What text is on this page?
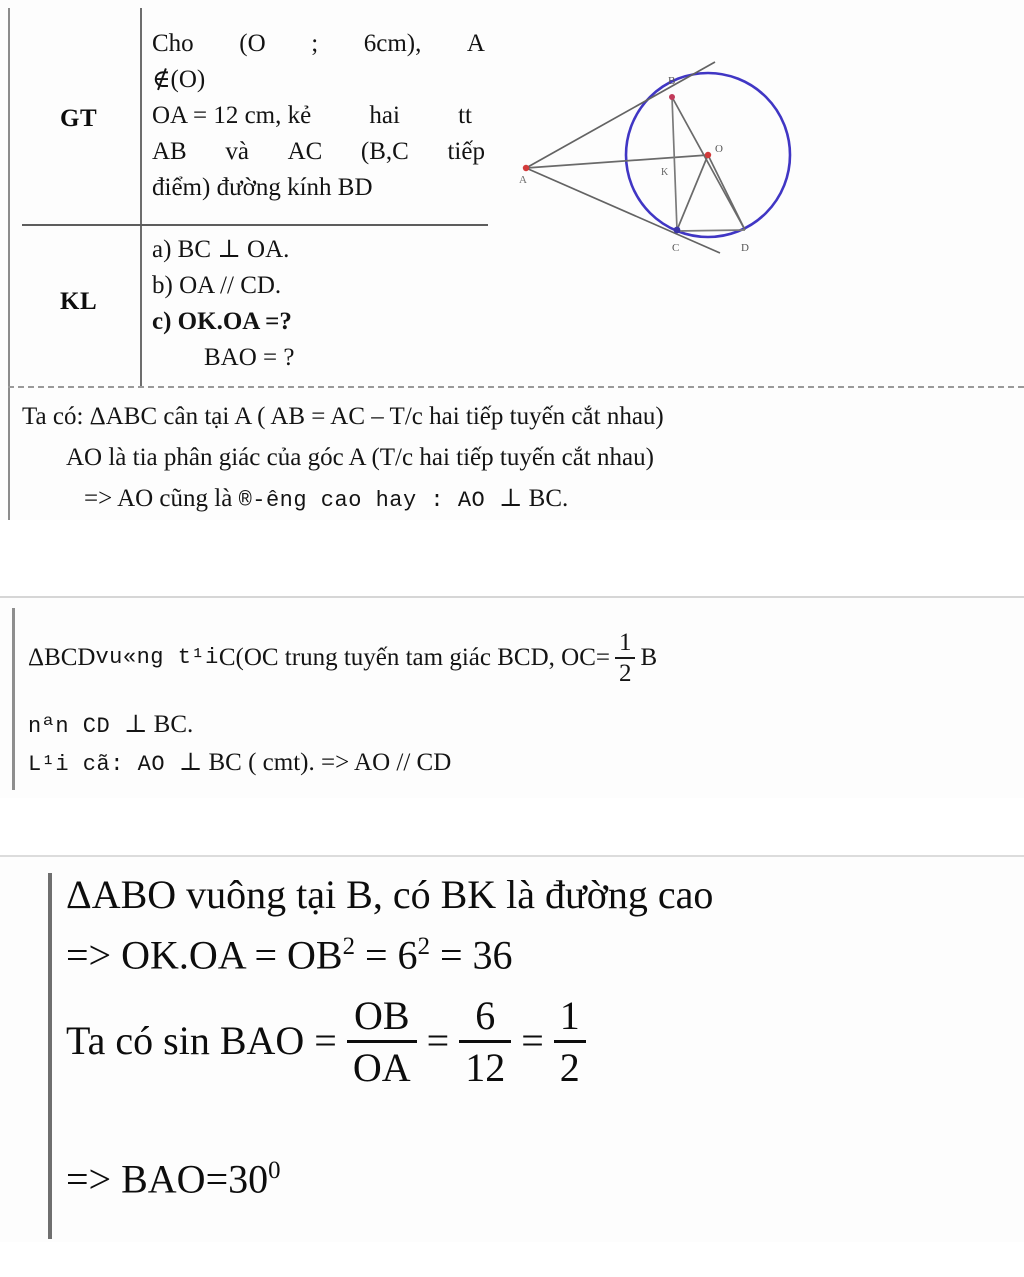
GT
KL
Cho (O ; 6cm), A
∉(O)
OA = 12 cm, kẻ hai tt
AB và AC (B,C tiếp
điểm) đường kính BD
a) BC ⊥ OA.
b) OA // CD.
c) OK.OA =?
BAO = ?
A
B
C	D
O
K
Ta có: ΔABC cân tại A ( AB = AC – T/c hai tiếp tuyến cắt nhau)
AO là tia phân giác của góc A (T/c hai tiếp tuyến cắt nhau)
=> AO cũng là ®-êng cao hay : AO ⊥ BC.
ΔBCD vu«ng t¹i C(OC trung tuyến tam giác BCD, $OC= \frac{1}{2}$ B
nªn CD ⊥ BC.
L¹i cã: AO ⊥ BC ( cmt). => AO // CD
ΔABO vuông tại B, có BK là đường cao
=> $OK.OA = OB^2 = 6^2 = 36$
Ta có sin BAO = $\frac{OB}{OA} = \frac{6}{12} = \frac{1}{2}$
=> $BAO=30^0$
